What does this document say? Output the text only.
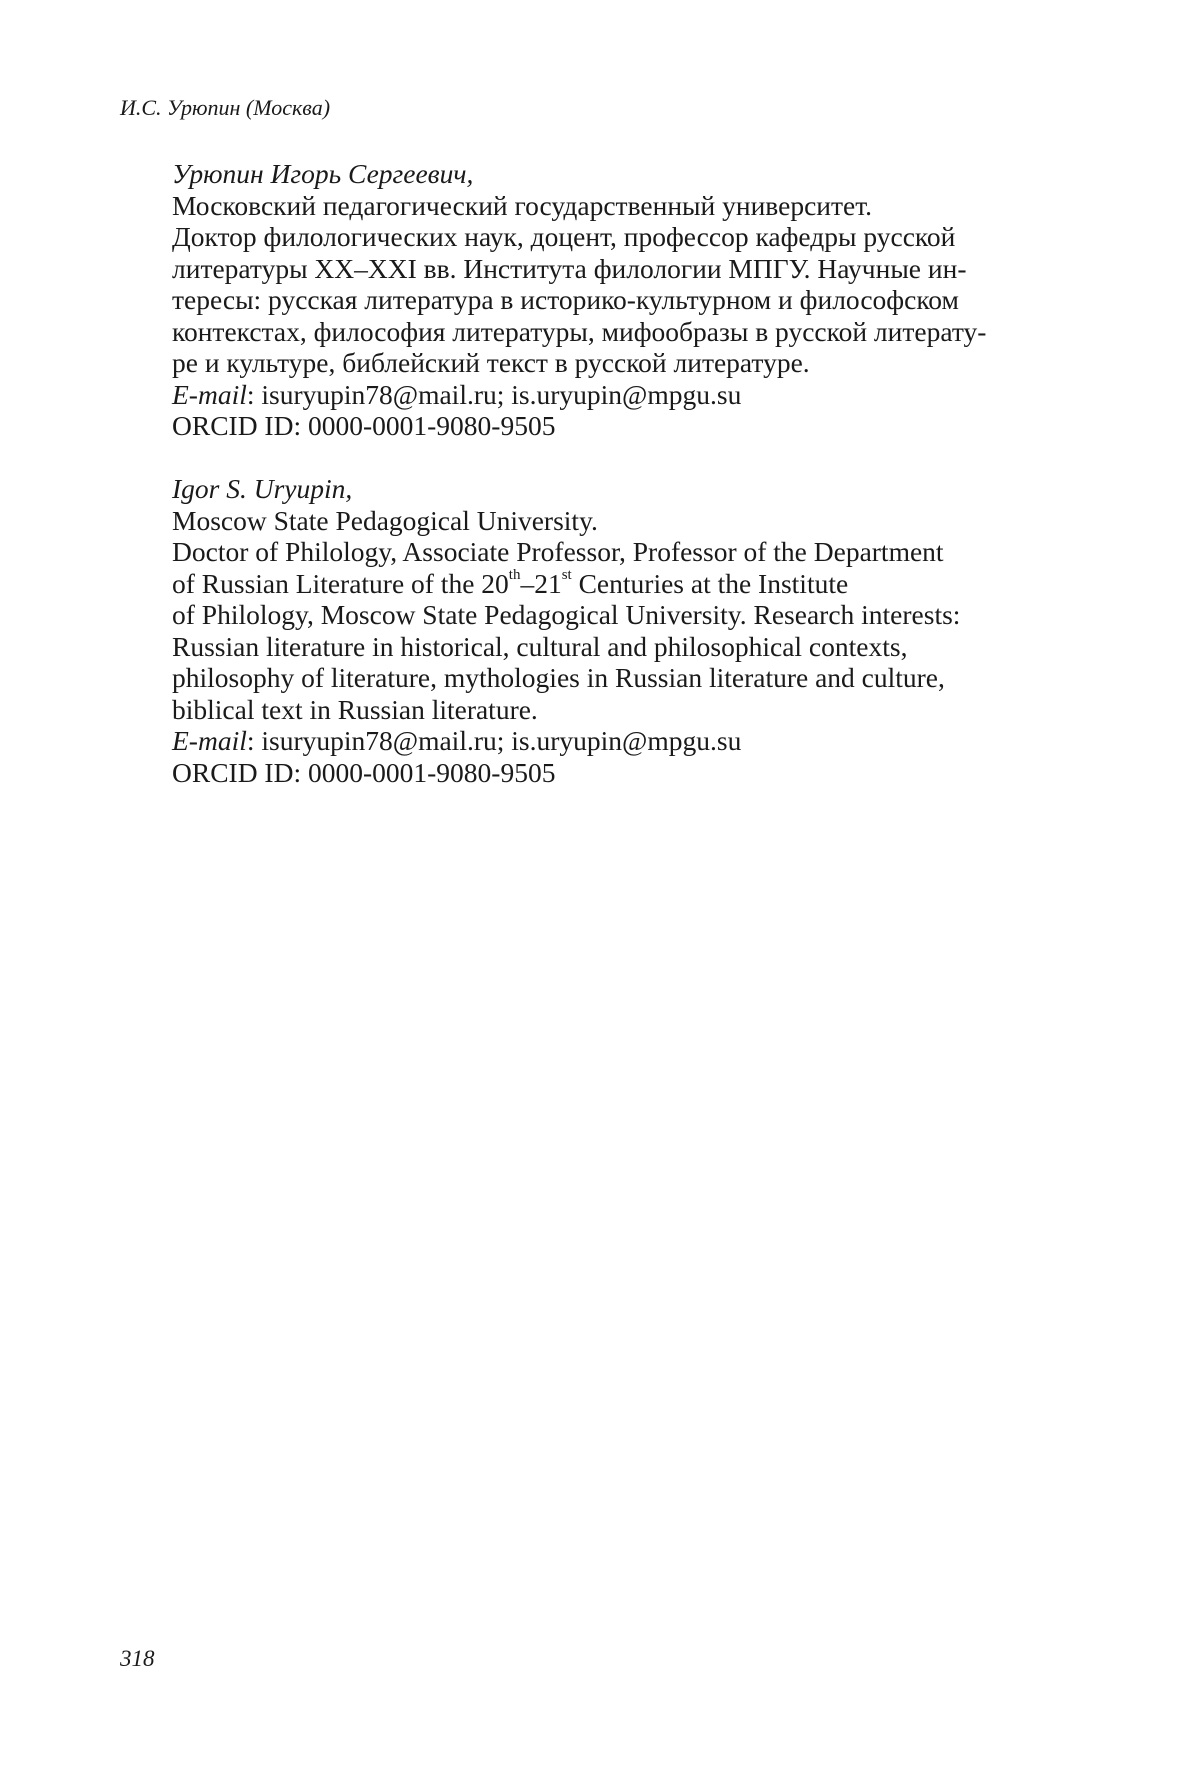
И.С. Урюпин (Москва)
Урюпин Игорь Сергеевич,
Московский педагогический государственный университет.
Доктор филологических наук, доцент, профессор кафедры русской
литературы XX–XXI вв. Института филологии МПГУ. Научные ин-
тересы: русская литература в историко-культурном и философском
контекстах, философия литературы, мифообразы в русской литерату-
ре и культуре, библейский текст в русской литературе.
E-mail: isuryupin78@mail.ru; is.uryupin@mpgu.su
ORCID ID: 0000-0001-9080-9505
Igor S. Uryupin,
Moscow State Pedagogical University.
Doctor of Philology, Associate Professor, Professor of the Department
of Russian Literature of the 20th–21st Centuries at the Institute
of Philology, Moscow State Pedagogical University. Research interests:
Russian literature in historical, cultural and philosophical contexts,
philosophy of literature, mythologies in Russian literature and culture,
biblical text in Russian literature.
E-mail: isuryupin78@mail.ru; is.uryupin@mpgu.su
ORCID ID: 0000-0001-9080-9505
318
